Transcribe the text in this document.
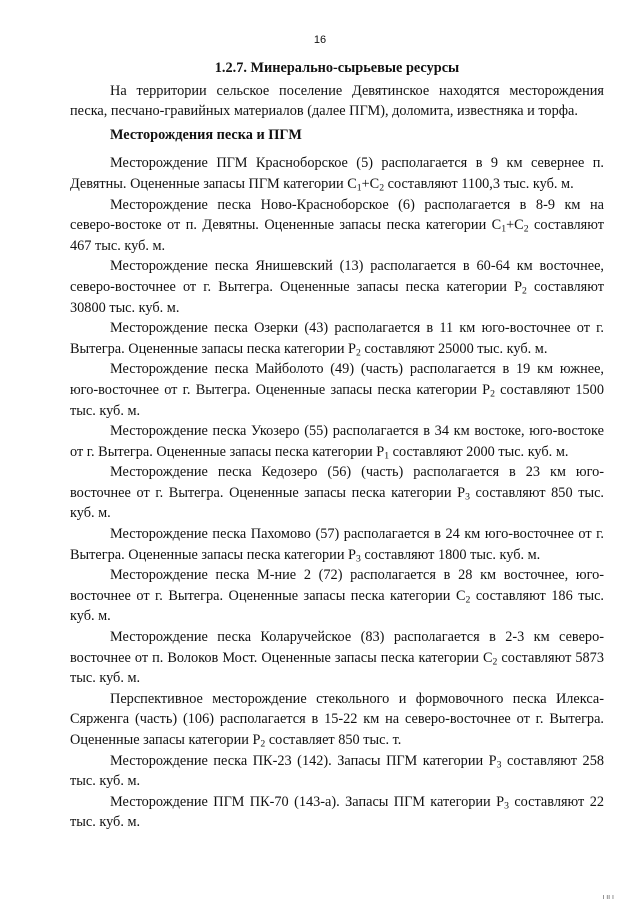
16
1.2.7. Минерально-сырьевые ресурсы

На территории сельское поселение Девятинское находятся месторождения песка, песчано-гравийных материалов (далее ПГМ), доломита, известняка и торфа.

Месторождения песка и ПГМ

Месторождение ПГМ Красноборское (5) располагается в 9 км севернее п. Девятны. Оцененные запасы ПГМ категории $С_1+С_2$ составляют 1100,3 тыс. куб. м.

Месторождение песка Ново-Красноборское (6) располагается в 8-9 км на северо-востоке от п. Девятны. Оцененные запасы песка категории $С_1+С_2$ составляют 467 тыс. куб. м.

Месторождение песка Янишевский (13) располагается в 60-64 км восточнее, северо-восточнее от г. Вытегра. Оцененные запасы песка категории $Р_2$ составляют 30800 тыс. куб. м.

Месторождение песка Озерки (43) располагается в 11 км юго-восточнее от г. Вытегра. Оцененные запасы песка категории $Р_2$ составляют 25000 тыс. куб. м.

Месторождение песка Майболото (49) (часть) располагается в 19 км южнее, юго-восточнее от г. Вытегра. Оцененные запасы песка категории $Р_2$ составляют 1500 тыс. куб. м.

Месторождение песка Укозеро (55) располагается в 34 км востоке, юго-востоке от г. Вытегра. Оцененные запасы песка категории $Р_1$ составляют 2000 тыс. куб. м.

Месторождение песка Кедозеро (56) (часть) располагается в 23 км юго-восточнее от г. Вытегра. Оцененные запасы песка категории $Р_3$ составляют 850 тыс. куб. м.

Месторождение песка Пахомово (57) располагается в 24 км юго-восточнее от г. Вытегра. Оцененные запасы песка категории $Р_3$ составляют 1800 тыс. куб. м.

Месторождение песка М-ние 2 (72) располагается в 28 км восточнее, юго-восточнее от г. Вытегра. Оцененные запасы песка категории $С_2$ составляют 186 тыс. куб. м.

Месторождение песка Коларучейское (83) располагается в 2-3 км северо-восточнее от п. Волоков Мост. Оцененные запасы песка категории $С_2$ составляют 5873 тыс. куб. м.

Перспективное месторождение стекольного и формовочного песка Илекса-Сярженга (часть) (106) располагается в 15-22 км на северо-восточнее от г. Вытегра. Оцененные запасы категории $Р_2$ составляет 850 тыс. т.

Месторождение песка ПК-23 (142). Запасы ПГМ категории $Р_3$ составляют 258 тыс. куб. м.

Месторождение ПГМ ПК-70 (143-а). Запасы ПГМ категории $Р_3$ составляют 22 тыс. куб. м.

ı ıı ı
